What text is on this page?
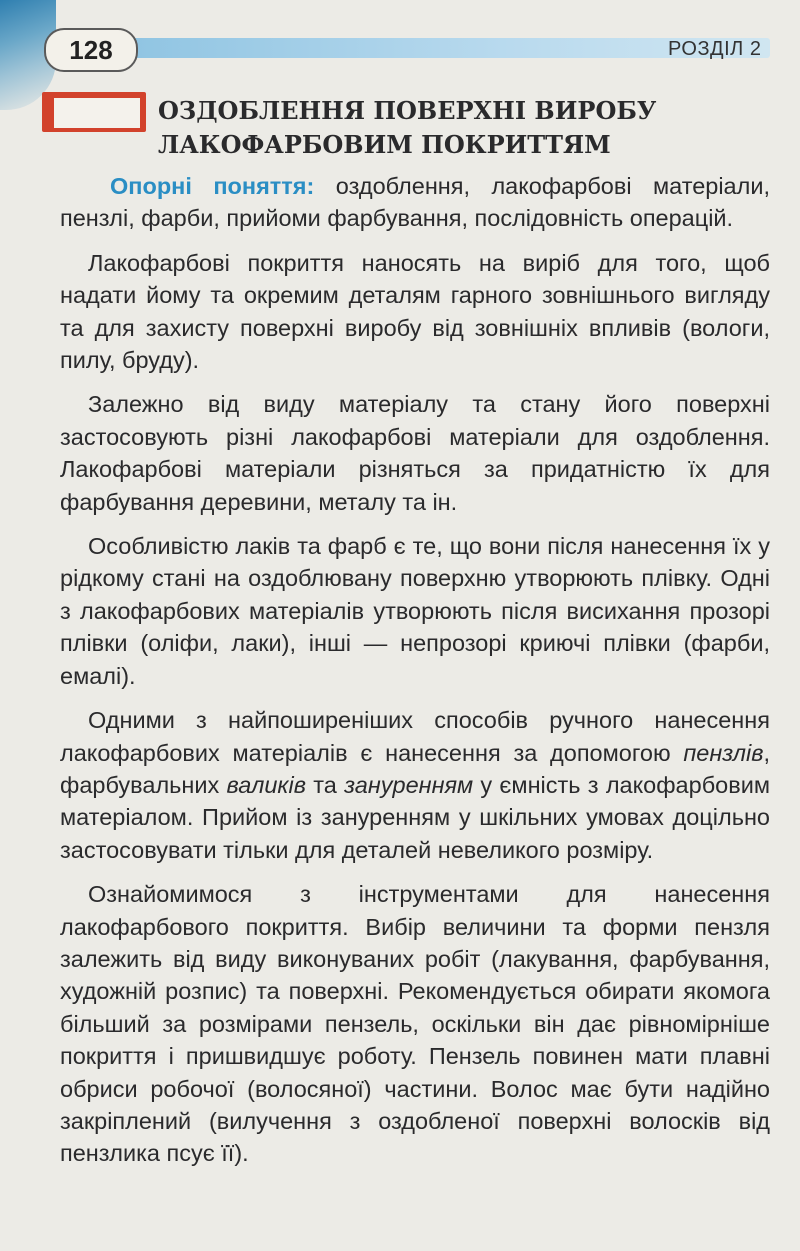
128	РОЗДІЛ 2
ОЗДОБЛЕННЯ ПОВЕРХНІ ВИРОБУ
ЛАКОФАРБОВИМ ПОКРИТТЯМ

Опорні поняття: оздоблення, лакофарбові матеріали, пензлі, фарби, прийоми фарбування, послідовність операцій.

Лакофарбові покриття наносять на виріб для того, щоб надати йому та окремим деталям гарного зовнішнього вигляду та для захисту поверхні виробу від зовнішніх впливів (вологи, пилу, бруду).

Залежно від виду матеріалу та стану його поверхні застосовують різні лакофарбові матеріали для оздоблення. Лакофарбові матеріали різняться за придатністю їх для фарбування деревини, металу та ін.

Особливістю лаків та фарб є те, що вони після нанесення їх у рідкому стані на оздоблювану поверхню утворюють плівку. Одні з лакофарбових матеріалів утворюють після висихання прозорі плівки (оліфи, лаки), інші — непрозорі криючі плівки (фарби, емалі).

Одними з найпоширеніших способів ручного нанесення лакофарбових матеріалів є нанесення за допомогою пензлів, фарбувальних валиків та зануренням у ємність з лакофарбовим матеріалом. Прийом із зануренням у шкільних умовах доцільно застосовувати тільки для деталей невеликого розміру.

Ознайомимося з інструментами для нанесення лакофарбового покриття. Вибір величини та форми пензля залежить від виду виконуваних робіт (лакування, фарбування, художній розпис) та поверхні. Рекомендується обирати якомога більший за розмірами пензель, оскільки він дає рівномірніше покриття і пришвидшує роботу. Пензель повинен мати плавні обриси робочої (волосяної) частини. Волос має бути надійно закріплений (вилучення з оздобленої поверхні волосків від пензлика псує її).
